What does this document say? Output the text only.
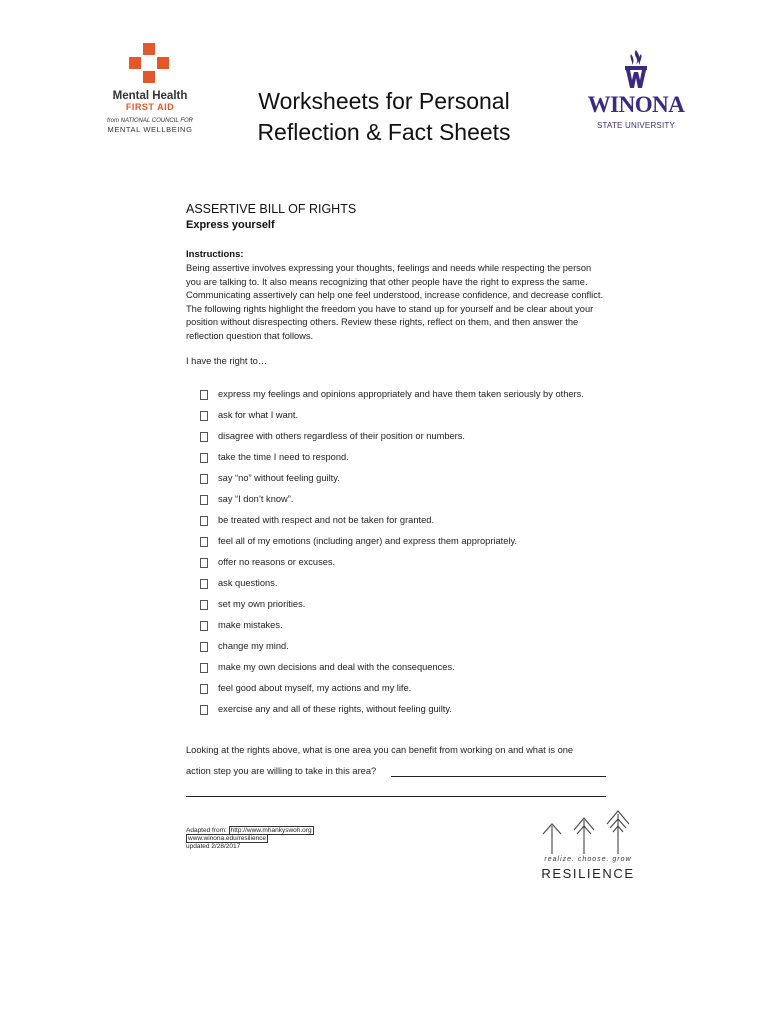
Mental Health
FIRST AID
from NATIONAL COUNCIL FOR
MENTAL WELLBEING
Worksheets for Personal
Reflection & Fact Sheets
WINONA
STATE UNIVERSITY
ASSERTIVE BILL OF RIGHTS
Express yourself
Instructions:
Being assertive involves expressing your thoughts, feelings and needs while respecting the person you are talking to. It also means recognizing that other people have the right to express the same. Communicating assertively can help one feel understood, increase confidence, and decrease conflict. The following rights highlight the freedom you have to stand up for yourself and be clear about your position without disrespecting others. Review these rights, reflect on them, and then answer the reflection question that follows.
I have the right to…
express my feelings and opinions appropriately and have them taken seriously by others.
ask for what I want.
disagree with others regardless of their position or numbers.
take the time I need to respond.
say “no” without feeling guilty.
say “I don’t know”.
be treated with respect and not be taken for granted.
feel all of my emotions (including anger) and express them appropriately.
offer no reasons or excuses.
ask questions.
set my own priorities.
make mistakes.
change my mind.
make my own decisions and deal with the consequences.
feel good about myself, my actions and my life.
exercise any and all of these rights, without feeling guilty.
Looking at the rights above, what is one area you can benefit from working on and what is one
action step you are willing to take in this area?
Adapted from: http://www.mhankyswoh.org
www.winona.edu/resilience
updated 2/28/2017
realize. choose. grow
RESILIENCE
